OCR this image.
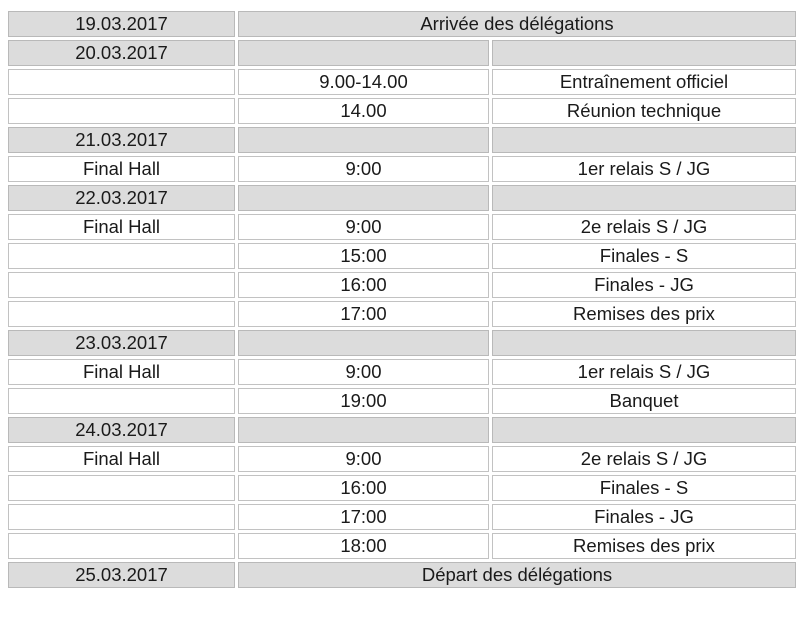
19.03.2017	Arrivée des délégations	
20.03.2017		
	9.00-14.00	Entraînement officiel
	14.00	Réunion technique
21.03.2017		
Final Hall	9:00	1er relais S / JG
22.03.2017		
Final Hall	9:00	2e relais S / JG
	15:00	Finales - S
	16:00	Finales - JG
	17:00	Remises des prix
23.03.2017		
Final Hall	9:00	1er relais S / JG
	19:00	Banquet
24.03.2017		
Final Hall	9:00	2e relais S / JG
	16:00	Finales - S
	17:00	Finales - JG
	18:00	Remises des prix
25.03.2017	Départ des délégations	
